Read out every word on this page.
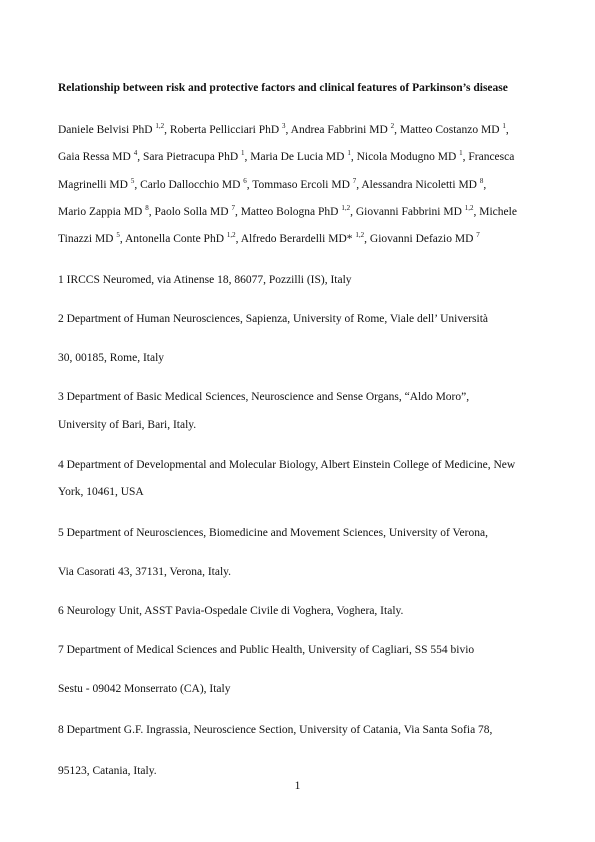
Relationship between risk and protective factors and clinical features of Parkinson’s disease
Daniele Belvisi PhD $^{1,2}$, Roberta Pellicciari PhD $^3$, Andrea Fabbrini MD $^2$, Matteo Costanzo MD $^1$,
Gaia Ressa MD $^4$, Sara Pietracupa PhD $^1$, Maria De Lucia MD $^1$, Nicola Modugno MD $^1$, Francesca
Magrinelli MD $^5$, Carlo Dallocchio MD $^6$, Tommaso Ercoli MD $^7$, Alessandra Nicoletti MD $^8$,
Mario Zappia MD $^8$, Paolo Solla MD $^7$, Matteo Bologna PhD $^{1,2}$, Giovanni Fabbrini MD $^{1,2}$, Michele
Tinazzi MD $^5$, Antonella Conte PhD $^{1,2}$, Alfredo Berardelli MD* $^{1,2}$, Giovanni Defazio MD $^7$
1 IRCCS Neuromed, via Atinense 18, 86077, Pozzilli (IS), Italy
2 Department of Human Neurosciences, Sapienza, University of Rome, Viale dell’ Università
30, 00185, Rome, Italy
3 Department of Basic Medical Sciences, Neuroscience and Sense Organs, “Aldo Moro”,
University of Bari, Bari, Italy.
4 Department of Developmental and Molecular Biology, Albert Einstein College of Medicine, New
York, 10461, USA
5 Department of Neurosciences, Biomedicine and Movement Sciences, University of Verona,
Via Casorati 43, 37131, Verona, Italy.
6 Neurology Unit, ASST Pavia-Ospedale Civile di Voghera, Voghera, Italy.
7 Department of Medical Sciences and Public Health, University of Cagliari, SS 554 bivio
Sestu - 09042 Monserrato (CA), Italy
8 Department G.F. Ingrassia, Neuroscience Section, University of Catania, Via Santa Sofia 78,
95123, Catania, Italy.
1
